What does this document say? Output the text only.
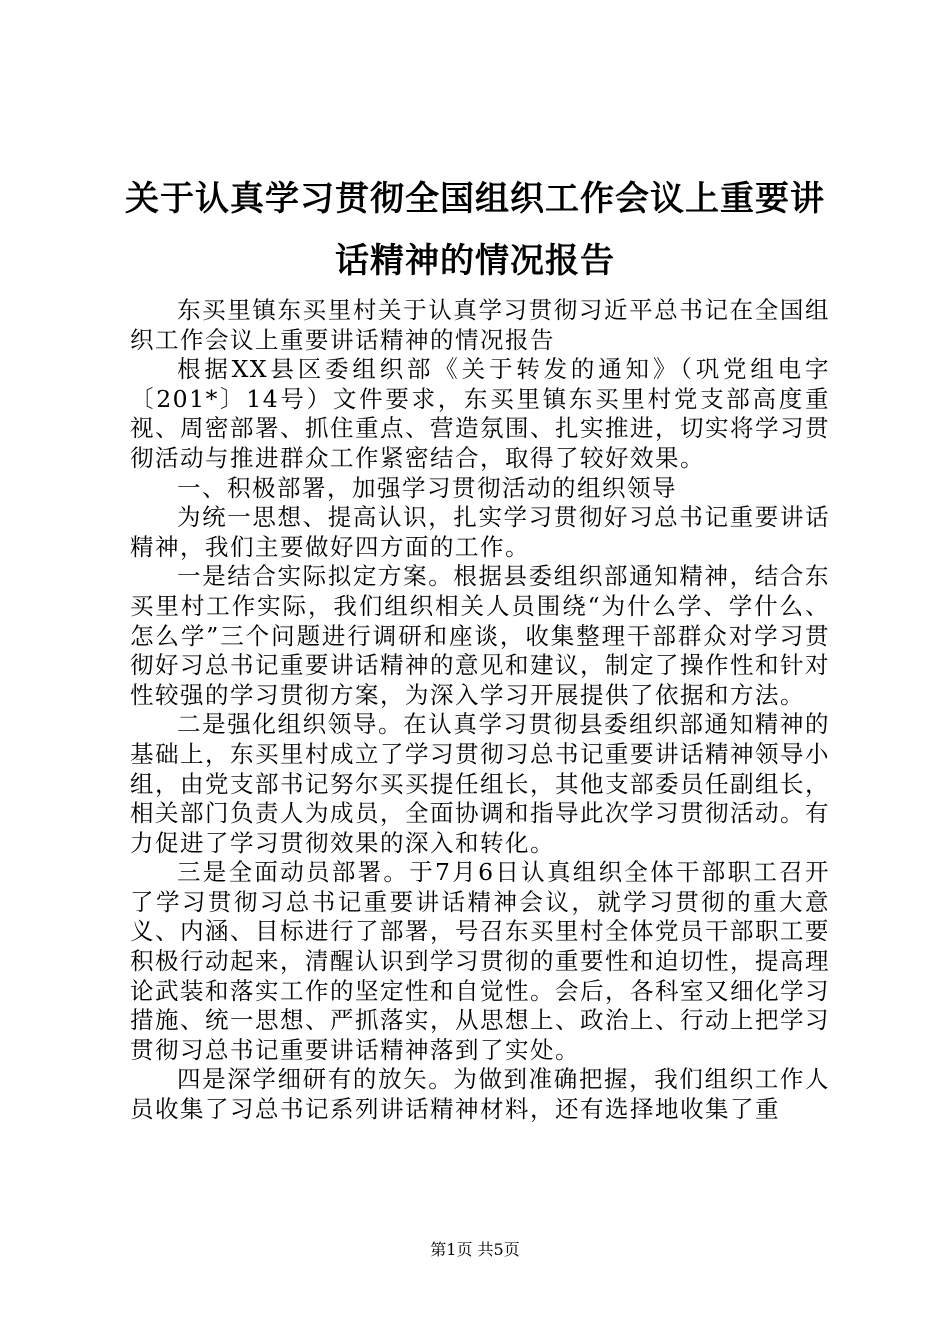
关于认真学习贯彻全国组织工作会议上重要讲话精神的情况报告

东买里镇东买里村关于认真学习贯彻习近平总书记在全国组织工作会议上重要讲话精神的情况报告

根据XX县区委组织部《关于转发的通知》（巩党组电字〔201*〕14号）文件要求，东买里镇东买里村党支部高度重视、周密部署、抓住重点、营造氛围、扎实推进，切实将学习贯彻活动与推进群众工作紧密结合，取得了较好效果。

一、积极部署，加强学习贯彻活动的组织领导

为统一思想、提高认识，扎实学习贯彻好习总书记重要讲话精神，我们主要做好四方面的工作。

一是结合实际拟定方案。根据县委组织部通知精神，结合东买里村工作实际，我们组织相关人员围绕“为什么学、学什么、怎么学”三个问题进行调研和座谈，收集整理干部群众对学习贯彻好习总书记重要讲话精神的意见和建议，制定了操作性和针对性较强的学习贯彻方案，为深入学习开展提供了依据和方法。

二是强化组织领导。在认真学习贯彻县委组织部通知精神的基础上，东买里村成立了学习贯彻习总书记重要讲话精神领导小组，由党支部书记努尔买买提任组长，其他支部委员任副组长，相关部门负责人为成员，全面协调和指导此次学习贯彻活动。有力促进了学习贯彻效果的深入和转化。

三是全面动员部署。于7月6日认真组织全体干部职工召开了学习贯彻习总书记重要讲话精神会议，就学习贯彻的重大意义、内涵、目标进行了部署，号召东买里村全体党员干部职工要积极行动起来，清醒认识到学习贯彻的重要性和迫切性，提高理论武装和落实工作的坚定性和自觉性。会后，各科室又细化学习措施、统一思想、严抓落实，从思想上、政治上、行动上把学习贯彻习总书记重要讲话精神落到了实处。

四是深学细研有的放矢。为做到准确把握，我们组织工作人员收集了习总书记系列讲话精神材料，还有选择地收集了重

第1页 共5页
